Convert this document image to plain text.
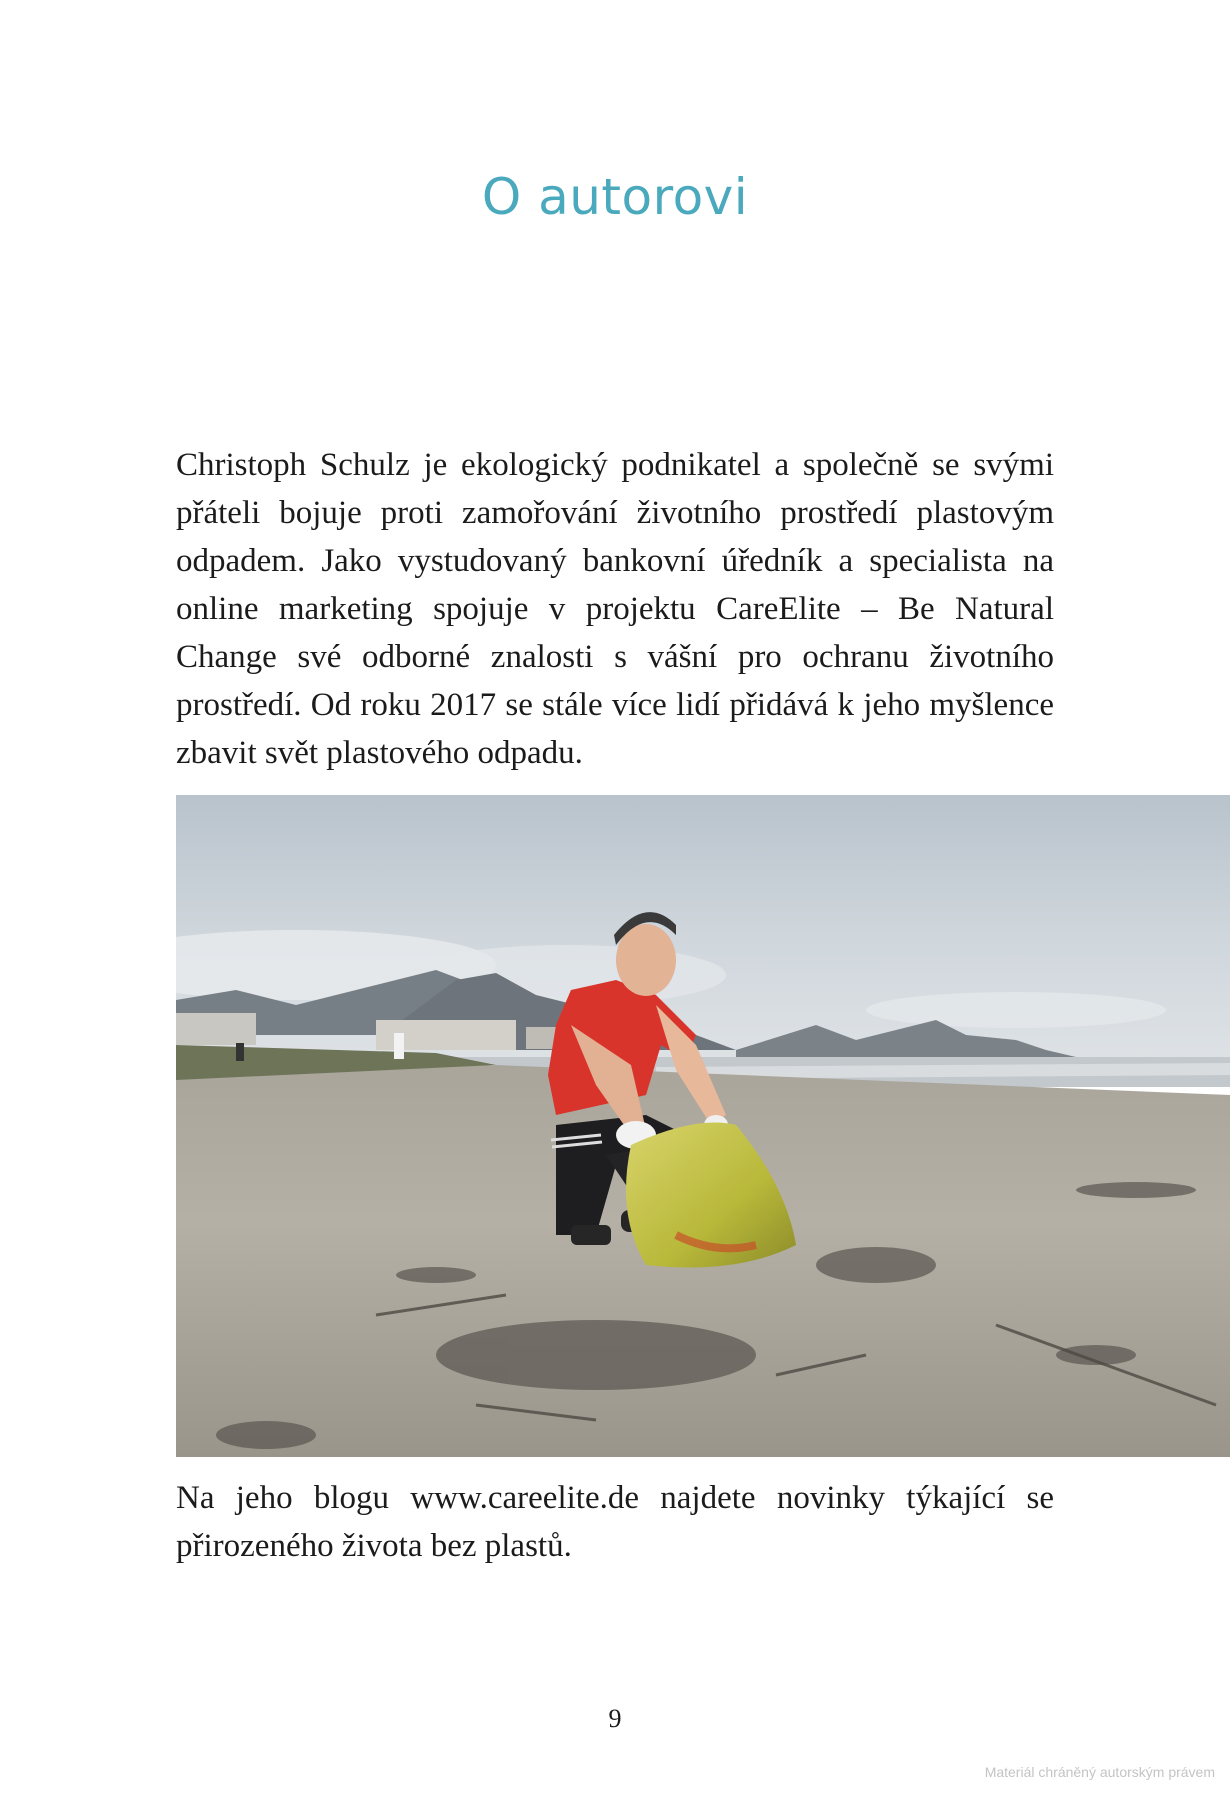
O autorovi

Christoph Schulz je ekologický podnikatel a společně se svými přáteli bojuje proti zamořování životního prostředí plastovým odpadem. Jako vystudovaný bankovní úředník a specialista na online marketing spojuje v projektu CareElite – Be Natural Change své odborné znalosti s vášní pro ochranu životního prostředí. Od roku 2017 se stále více lidí přidává k jeho myšlence zbavit svět plastového odpadu.

Na jeho blogu www.careelite.de najdete novinky týkající se přirozeného života bez plastů.

9
Materiál chráněný autorským právem
